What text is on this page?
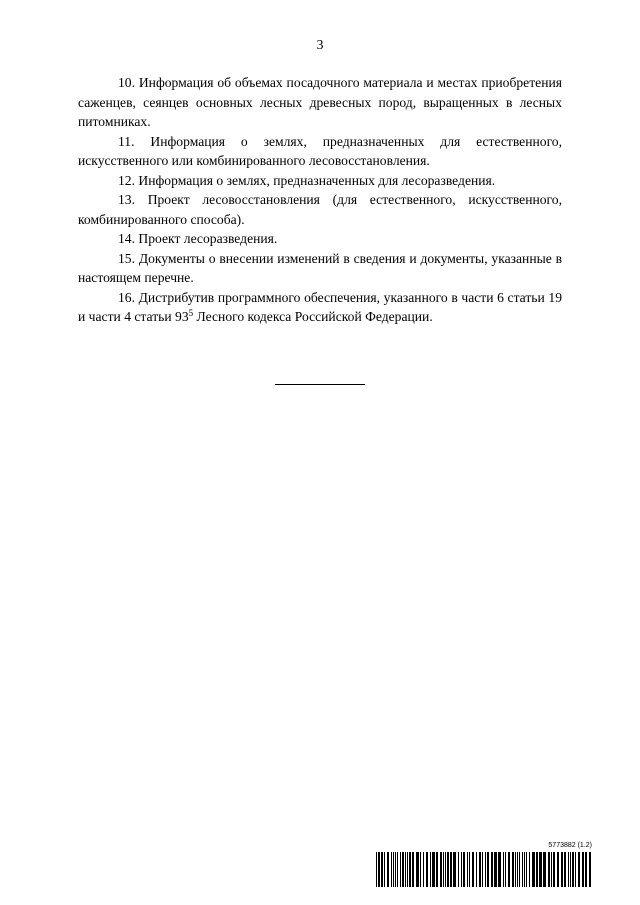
3

10. Информация об объемах посадочного материала и местах приобретения саженцев, сеянцев основных лесных древесных пород, выращенных в лесных питомниках.

11. Информация о землях, предназначенных для естественного, искусственного или комбинированного лесовосстановления.

12. Информация о землях, предназначенных для лесоразведения.

13. Проект лесовосстановления (для естественного, искусственного, комбинированного способа).

14. Проект лесоразведения.

15. Документы о внесении изменений в сведения и документы, указанные в настоящем перечне.

16. Дистрибутив программного обеспечения, указанного в части 6 статьи 19 и части 4 статьи $93^5$ Лесного кодекса Российской Федерации.

5773882 (1.2)
